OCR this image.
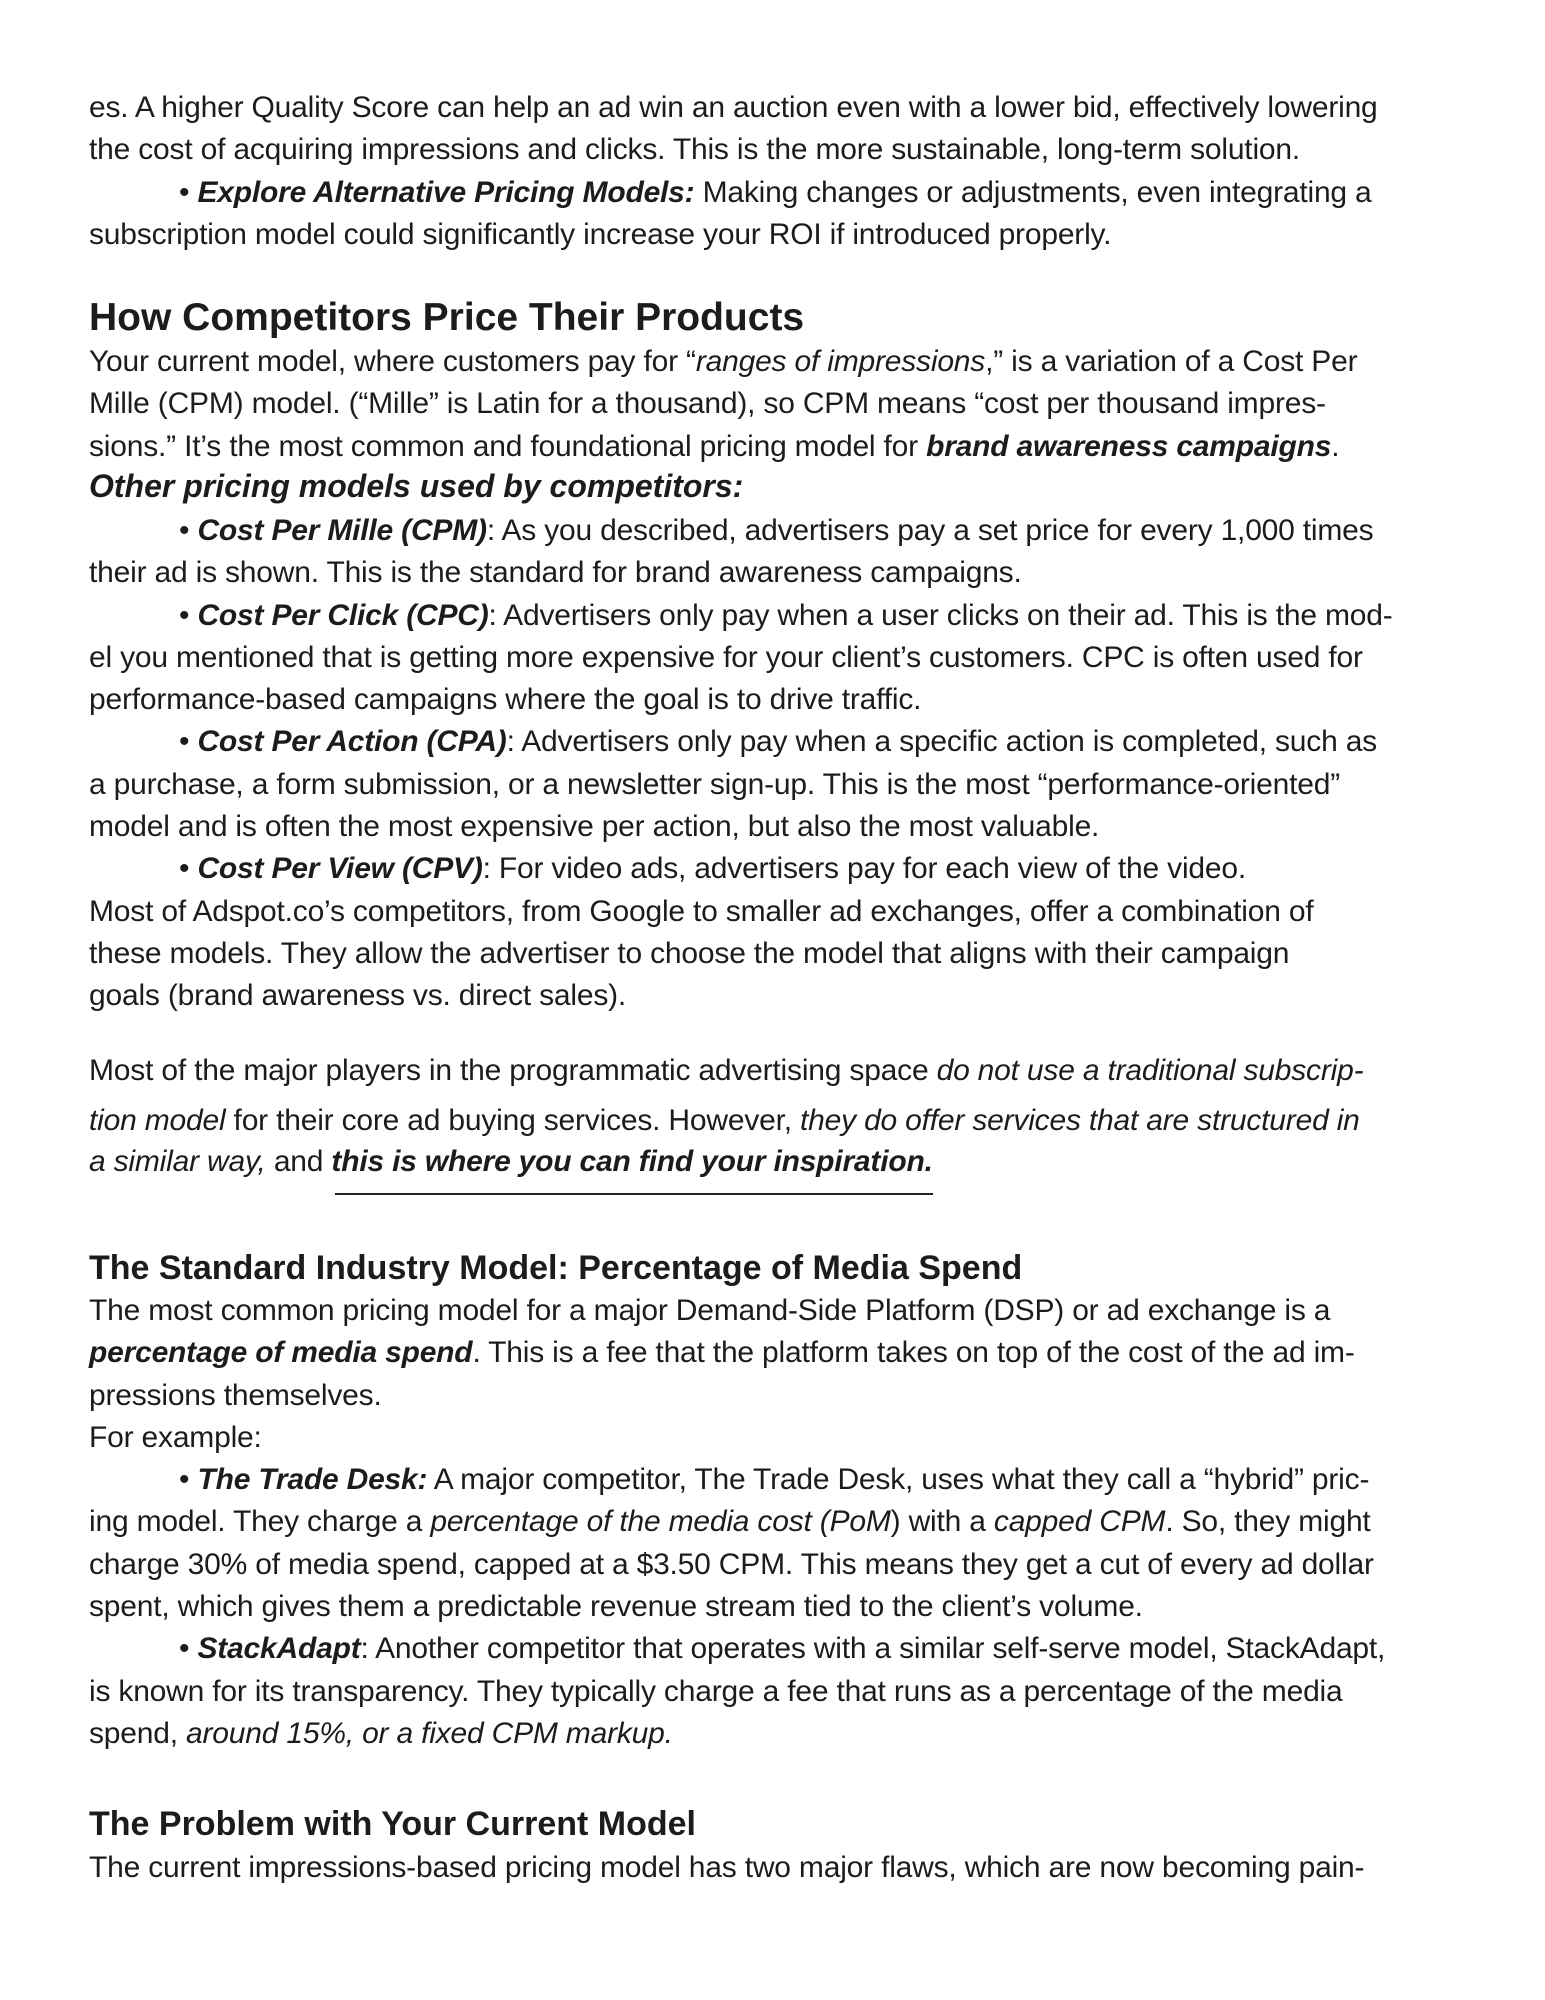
es. A higher Quality Score can help an ad win an auction even with a lower bid, effectively lowering
the cost of acquiring impressions and clicks. This is the more sustainable, long-term solution.
• Explore Alternative Pricing Models: Making changes or adjustments, even integrating a
subscription model could significantly increase your ROI if introduced properly.
How Competitors Price Their Products
Your current model, where customers pay for “ranges of impressions,” is a variation of a Cost Per
Mille (CPM) model. (“Mille” is Latin for a thousand), so CPM means “cost per thousand impres-
sions.” It’s the most common and foundational pricing model for brand awareness campaigns.
Other pricing models used by competitors:
• Cost Per Mille (CPM): As you described, advertisers pay a set price for every 1,000 times
their ad is shown. This is the standard for brand awareness campaigns.
• Cost Per Click (CPC): Advertisers only pay when a user clicks on their ad. This is the mod-
el you mentioned that is getting more expensive for your client’s customers. CPC is often used for
performance-based campaigns where the goal is to drive traffic.
• Cost Per Action (CPA): Advertisers only pay when a specific action is completed, such as
a purchase, a form submission, or a newsletter sign-up. This is the most “performance-oriented”
model and is often the most expensive per action, but also the most valuable.
• Cost Per View (CPV): For video ads, advertisers pay for each view of the video.
Most of Adspot.co’s competitors, from Google to smaller ad exchanges, offer a combination of
these models. They allow the advertiser to choose the model that aligns with their campaign
goals (brand awareness vs. direct sales).
Most of the major players in the programmatic advertising space do not use a traditional subscrip-
tion model for their core ad buying services. However, they do offer services that are structured in
a similar way, and this is where you can find your inspiration.
The Standard Industry Model: Percentage of Media Spend
The most common pricing model for a major Demand-Side Platform (DSP) or ad exchange is a
percentage of media spend. This is a fee that the platform takes on top of the cost of the ad im-
pressions themselves.
For example:
• The Trade Desk: A major competitor, The Trade Desk, uses what they call a “hybrid” pric-
ing model. They charge a percentage of the media cost (PoM) with a capped CPM. So, they might
charge 30% of media spend, capped at a $3.50 CPM. This means they get a cut of every ad dollar
spent, which gives them a predictable revenue stream tied to the client’s volume.
• StackAdapt: Another competitor that operates with a similar self-serve model, StackAdapt,
is known for its transparency. They typically charge a fee that runs as a percentage of the media
spend, around 15%, or a fixed CPM markup.
The Problem with Your Current Model
The current impressions-based pricing model has two major flaws, which are now becoming pain-
